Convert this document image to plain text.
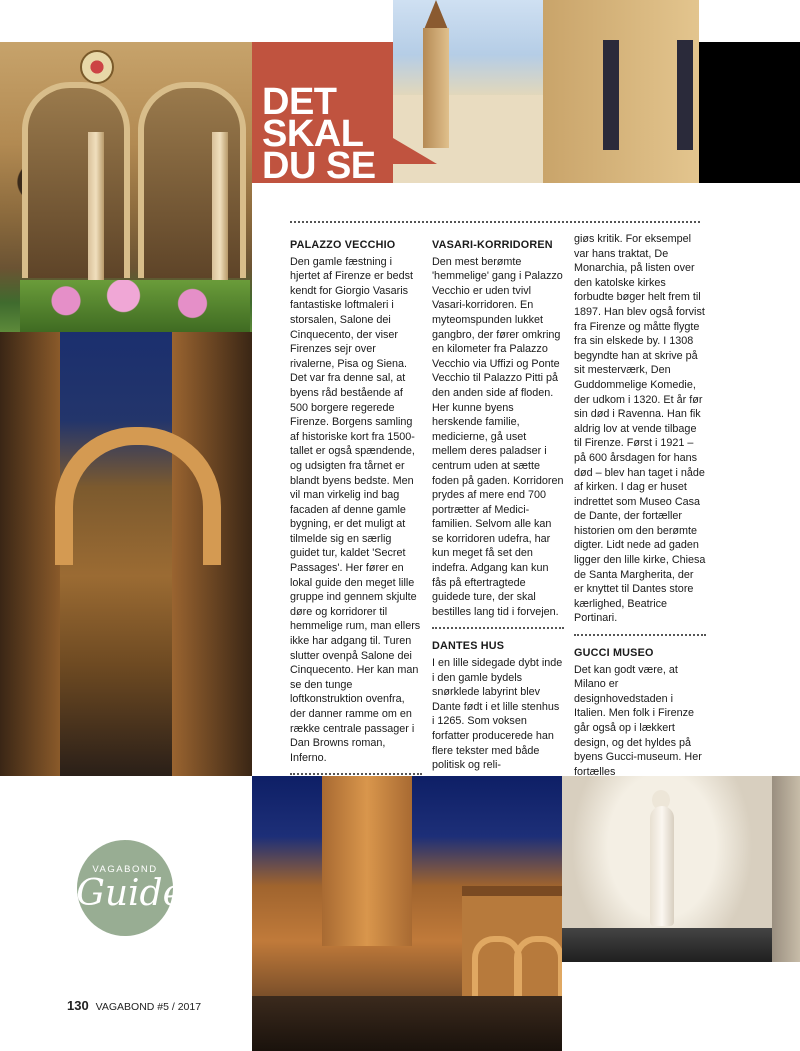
DET
SKAL
DU SE
PALAZZO VECCHIO

Den gamle fæstning i hjertet af Firenze er bedst kendt for Giorgio Vasaris fantastiske loftmaleri i storsalen, Salone dei Cinquecento, der viser Firenzes sejr over rivalerne, Pisa og Siena. Det var fra denne sal, at byens råd bestående af 500 borgere regerede Firenze. Borgens samling af historiske kort fra 1500-tallet er også spændende, og udsigten fra tårnet er blandt byens bedste. Men vil man virkelig ind bag facaden af denne gamle bygning, er det muligt at tilmelde sig en særlig guidet tur, kaldet 'Secret Passages'. Her fører en lokal guide den meget lille gruppe ind gennem skjulte døre og korridorer til hemmelige rum, man ellers ikke har adgang til. Turen slutter ovenpå Salone dei Cinquecento. Her kan man se den tunge loftkonstruktion ovenfra, der danner ramme om en række centrale passager i Dan Browns roman, Inferno.

VASARI-KORRIDOREN

Den mest berømte 'hemmelige' gang i Palazzo Vecchio er uden tvivl Vasari-korridoren. En myteomspunden lukket gangbro, der fører omkring en kilometer fra Palazzo Vecchio via Uffizi og Ponte Vecchio til Palazzo Pitti på den anden side af floden. Her kunne byens herskende familie, medicierne, gå uset mellem deres paladser i centrum uden at sætte foden på gaden. Korridoren prydes af mere end 700 portrætter af Medici-familien. Selvom alle kan se korridoren udefra, har kun meget få set den indefra. Adgang kan kun fås på eftertragtede guidede ture, der skal bestilles lang tid i forvejen.

DANTES HUS

I en lille sidegade dybt inde i den gamle bydels snørklede labyrint blev Dante født i et lille stenhus i 1265. Som voksen forfatter producerede han flere tekster med både politisk og reli-

giøs kritik. For eksempel var hans traktat, De Monarchia, på listen over den katolske kirkes forbudte bøger helt frem til 1897. Han blev også forvist fra Firenze og måtte flygte fra sin elskede by. I 1308 begyndte han at skrive på sit mesterværk, Den Guddommelige Komedie, der udkom i 1320. Et år før sin død i Ravenna. Han fik aldrig lov at vende tilbage til Firenze. Først i 1921 – på 600 årsdagen for hans død – blev han taget i nåde af kirken. I dag er huset indrettet som Museo Casa de Dante, der fortæller historien om den berømte digter. Lidt nede ad gaden ligger den lille kirke, Chiesa de Santa Margherita, der er knyttet til Dantes store kærlighed, Beatrice Portinari.

GUCCI MUSEO

Det kan godt være, at Milano er designhovedstaden i Italien. Men folk i Firenze går også op i lækkert design, og det hyldes på byens Gucci-museum. Her fortælles

VAGABOND
Guide
130 VAGABOND #5 / 2017
